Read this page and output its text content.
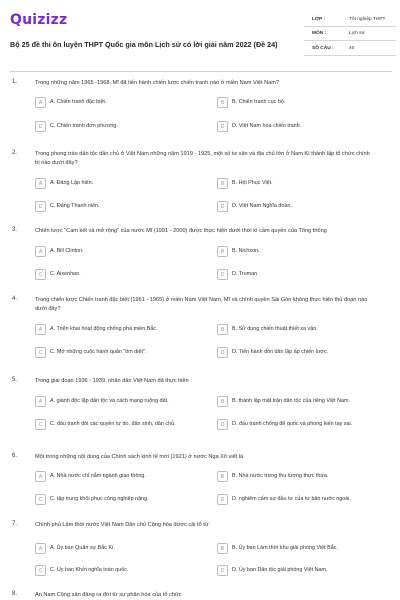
Quizizz
Bộ 25 đề thi ôn luyện THPT Quốc gia môn Lịch sử có lời giải năm 2022 (Đề 24)
LỚP :	Tốt nghiệp THPT
MÔN :	Lịch sử
SỐ CÂU :	40
1.	Trong những năm 1965 -1968, Mĩ đã tiến hành chiến lược chiến tranh nào ở miền Nam Việt Nam?
A	A. Chiến tranh đặc biệt.	B	B. Chiến tranh cục bộ.
C	C. Chiến tranh đơn phương.	D	D. Việt Nam hóa chiến tranh.
2.	Trong phong trào dân tộc dân chủ ở Việt Nam những năm 1919 - 1925, một số tư sản và địa chủ lớn ở Nam Kì thành lập tổ chức chính trị nào dưới đây?
A	A. Đảng Lập hiến.	B	B. Hội Phục Việt.
C	C. Đảng Thanh niên.	D	D. Việt Nam Nghĩa đoàn.
3.	Chiến lược "Cam kết và mở rộng" của nước Mĩ (1991 - 2000) được thực hiện dưới thời kì cầm quyền của Tổng thống
A	A. Bill Clinton.	B	B. Nichxon.
C	C. Aixenhao.	D	D. Truman.
4.	Trong chiến lược Chiến tranh đặc biệt (1961 - 1965) ở miền Nam Việt Nam, Mĩ và chính quyền Sài Gòn không thực hiện thủ đoạn nào dưới đây?
A	A. Triển khai hoạt động chống phá miền Bắc.	B	B. Sử dụng chiến thuật thiết xa vận.
C	C. Mở những cuộc hành quân "tìm diệt".	D	D. Tiến hành dồn dân lập ấp chiến lược.
5.	Trong giai đoạn 1936 - 1939, nhân dân Việt Nam đã thực hiện
A	A. giành độc lập dân tộc và cách mạng ruộng đất.	B	B. thành lập mặt trận dân tộc của riêng Việt Nam.
C	C. đấu tranh đòi các quyền tự do, dân sinh, dân chủ.	D	D. đấu tranh chống đế quốc và phong kiến tay sai.
6.	Một trong những nội dung của Chính sách kinh tế mới (1921) ở nước Nga Xô viết là
A	A. Nhà nước chỉ nắm ngành giao thông.	B	B. Nhà nước trưng thu lượng thực thừa.
C	C. tập trung khôi phục công nghiệp nặng.	D	D. nghiêm cấm sự đầu tư của tư bản nước ngoài.
7.	Chính phủ Lâm thời nước Việt Nam Dân chủ Cộng hòa được cải tổ từ
A	A. Ủy ban Quân sự Bắc Kì.	B	B. Ủy ban Lâm thời khu giải phóng Việt Bắc.
C	C. Ủy ban Khởi nghĩa toàn quốc.	D	D. Ủy ban Dân tộc giải phóng Việt Nam.
8.	An Nam Cộng sản đảng ra đời từ sự phân hóa của tổ chức
